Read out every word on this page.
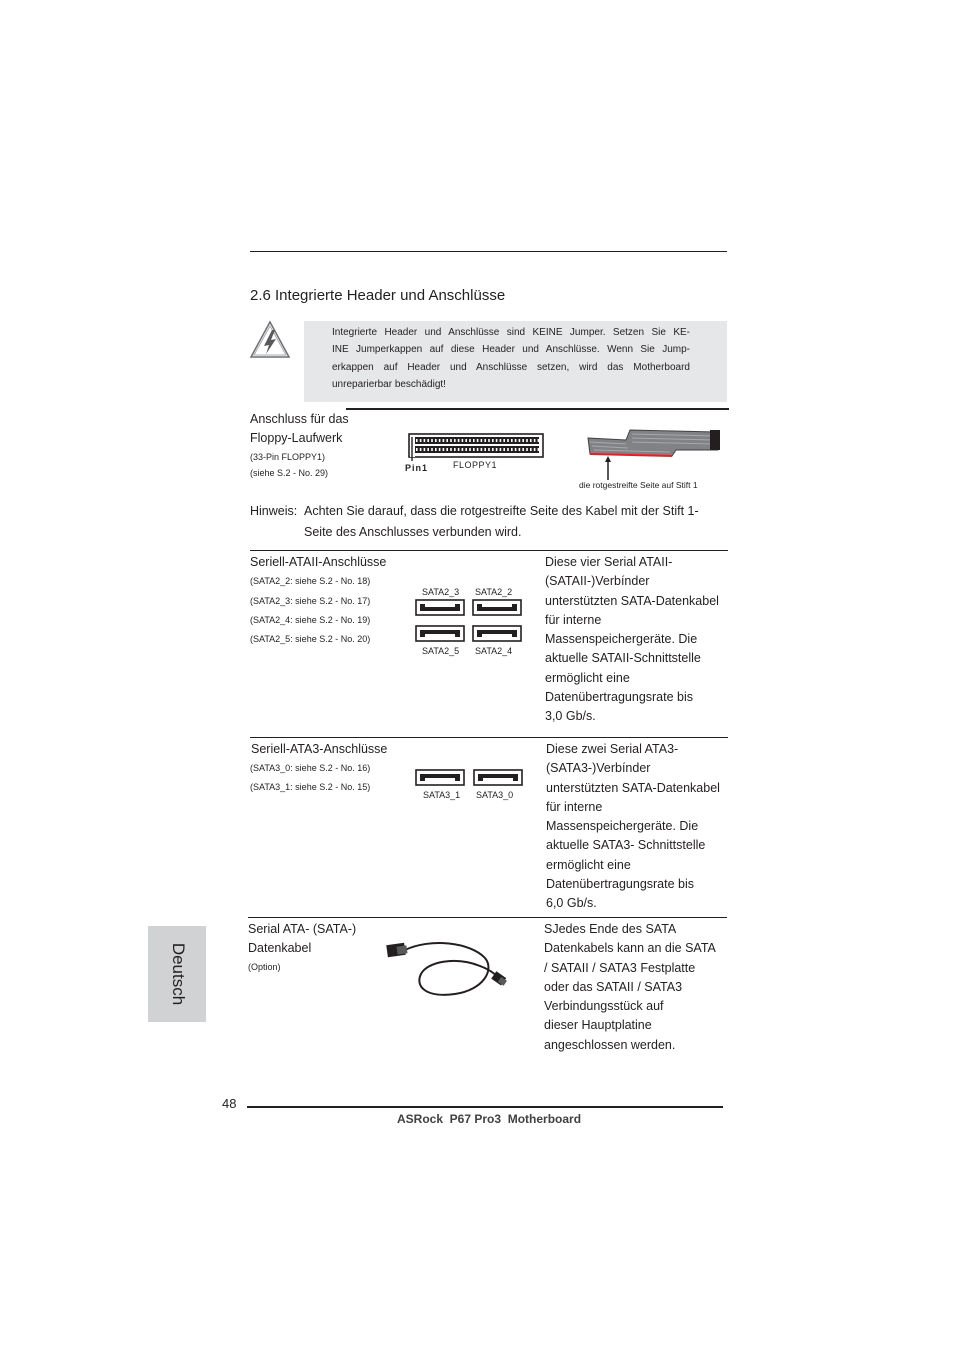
2.6 Integrierte Header und Anschlüsse
Integrierte Header und Anschlüsse sind KEINE Jumper. Setzen Sie KE-
INE Jumperkappen auf diese Header und Anschlüsse. Wenn Sie Jump-
erkappen auf Header und Anschlüsse setzen, wird das Motherboard
unreparierbar beschädigt!
Anschluss für das
Floppy-Laufwerk
(33-Pin FLOPPY1)
(siehe S.2 - No. 29)	Pin1	FLOPPY1
die rotgestreifte Seite auf Stift 1
Hinweis: Achten Sie darauf, dass die rotgestreifte Seite des Kabel mit der Stift 1-
Seite des Anschlusses verbunden wird.
Seriell-ATAII-Anschlüsse
(SATA2_2: siehe S.2 - No. 18)
(SATA2_3: siehe S.2 - No. 17)
(SATA2_4: siehe S.2 - No. 19)
(SATA2_5: siehe S.2 - No. 20)
SATA2_3 SATA2_2
SATA2_5 SATA2_4
Diese vier Serial ATAII-
(SATAII-)Verbínder
unterstützten SATA-Datenkabel
für interne
Massenspeichergeräte. Die
aktuelle SATAII-Schnittstelle
ermöglicht eine
Datenübertragungsrate bis
3,0 Gb/s.
Seriell-ATA3-Anschlüsse
(SATA3_0: siehe S.2 - No. 16)
(SATA3_1: siehe S.2 - No. 15)
SATA3_1 SATA3_0
Diese zwei Serial ATA3-
(SATA3-)Verbínder
unterstützten SATA-Datenkabel
für interne
Massenspeichergeräte. Die
aktuelle SATA3- Schnittstelle
ermöglicht eine
Datenübertragungsrate bis
6,0 Gb/s.
Serial ATA- (SATA-)
Datenkabel
(Option)
SJedes Ende des SATA
Datenkabels kann an die SATA
/ SATAII / SATA3 Festplatte
oder das SATAII / SATA3
Verbindungsstück auf
dieser Hauptplatine
angeschlossen werden.
Deutsch
48
ASRock  P67 Pro3  Motherboard
